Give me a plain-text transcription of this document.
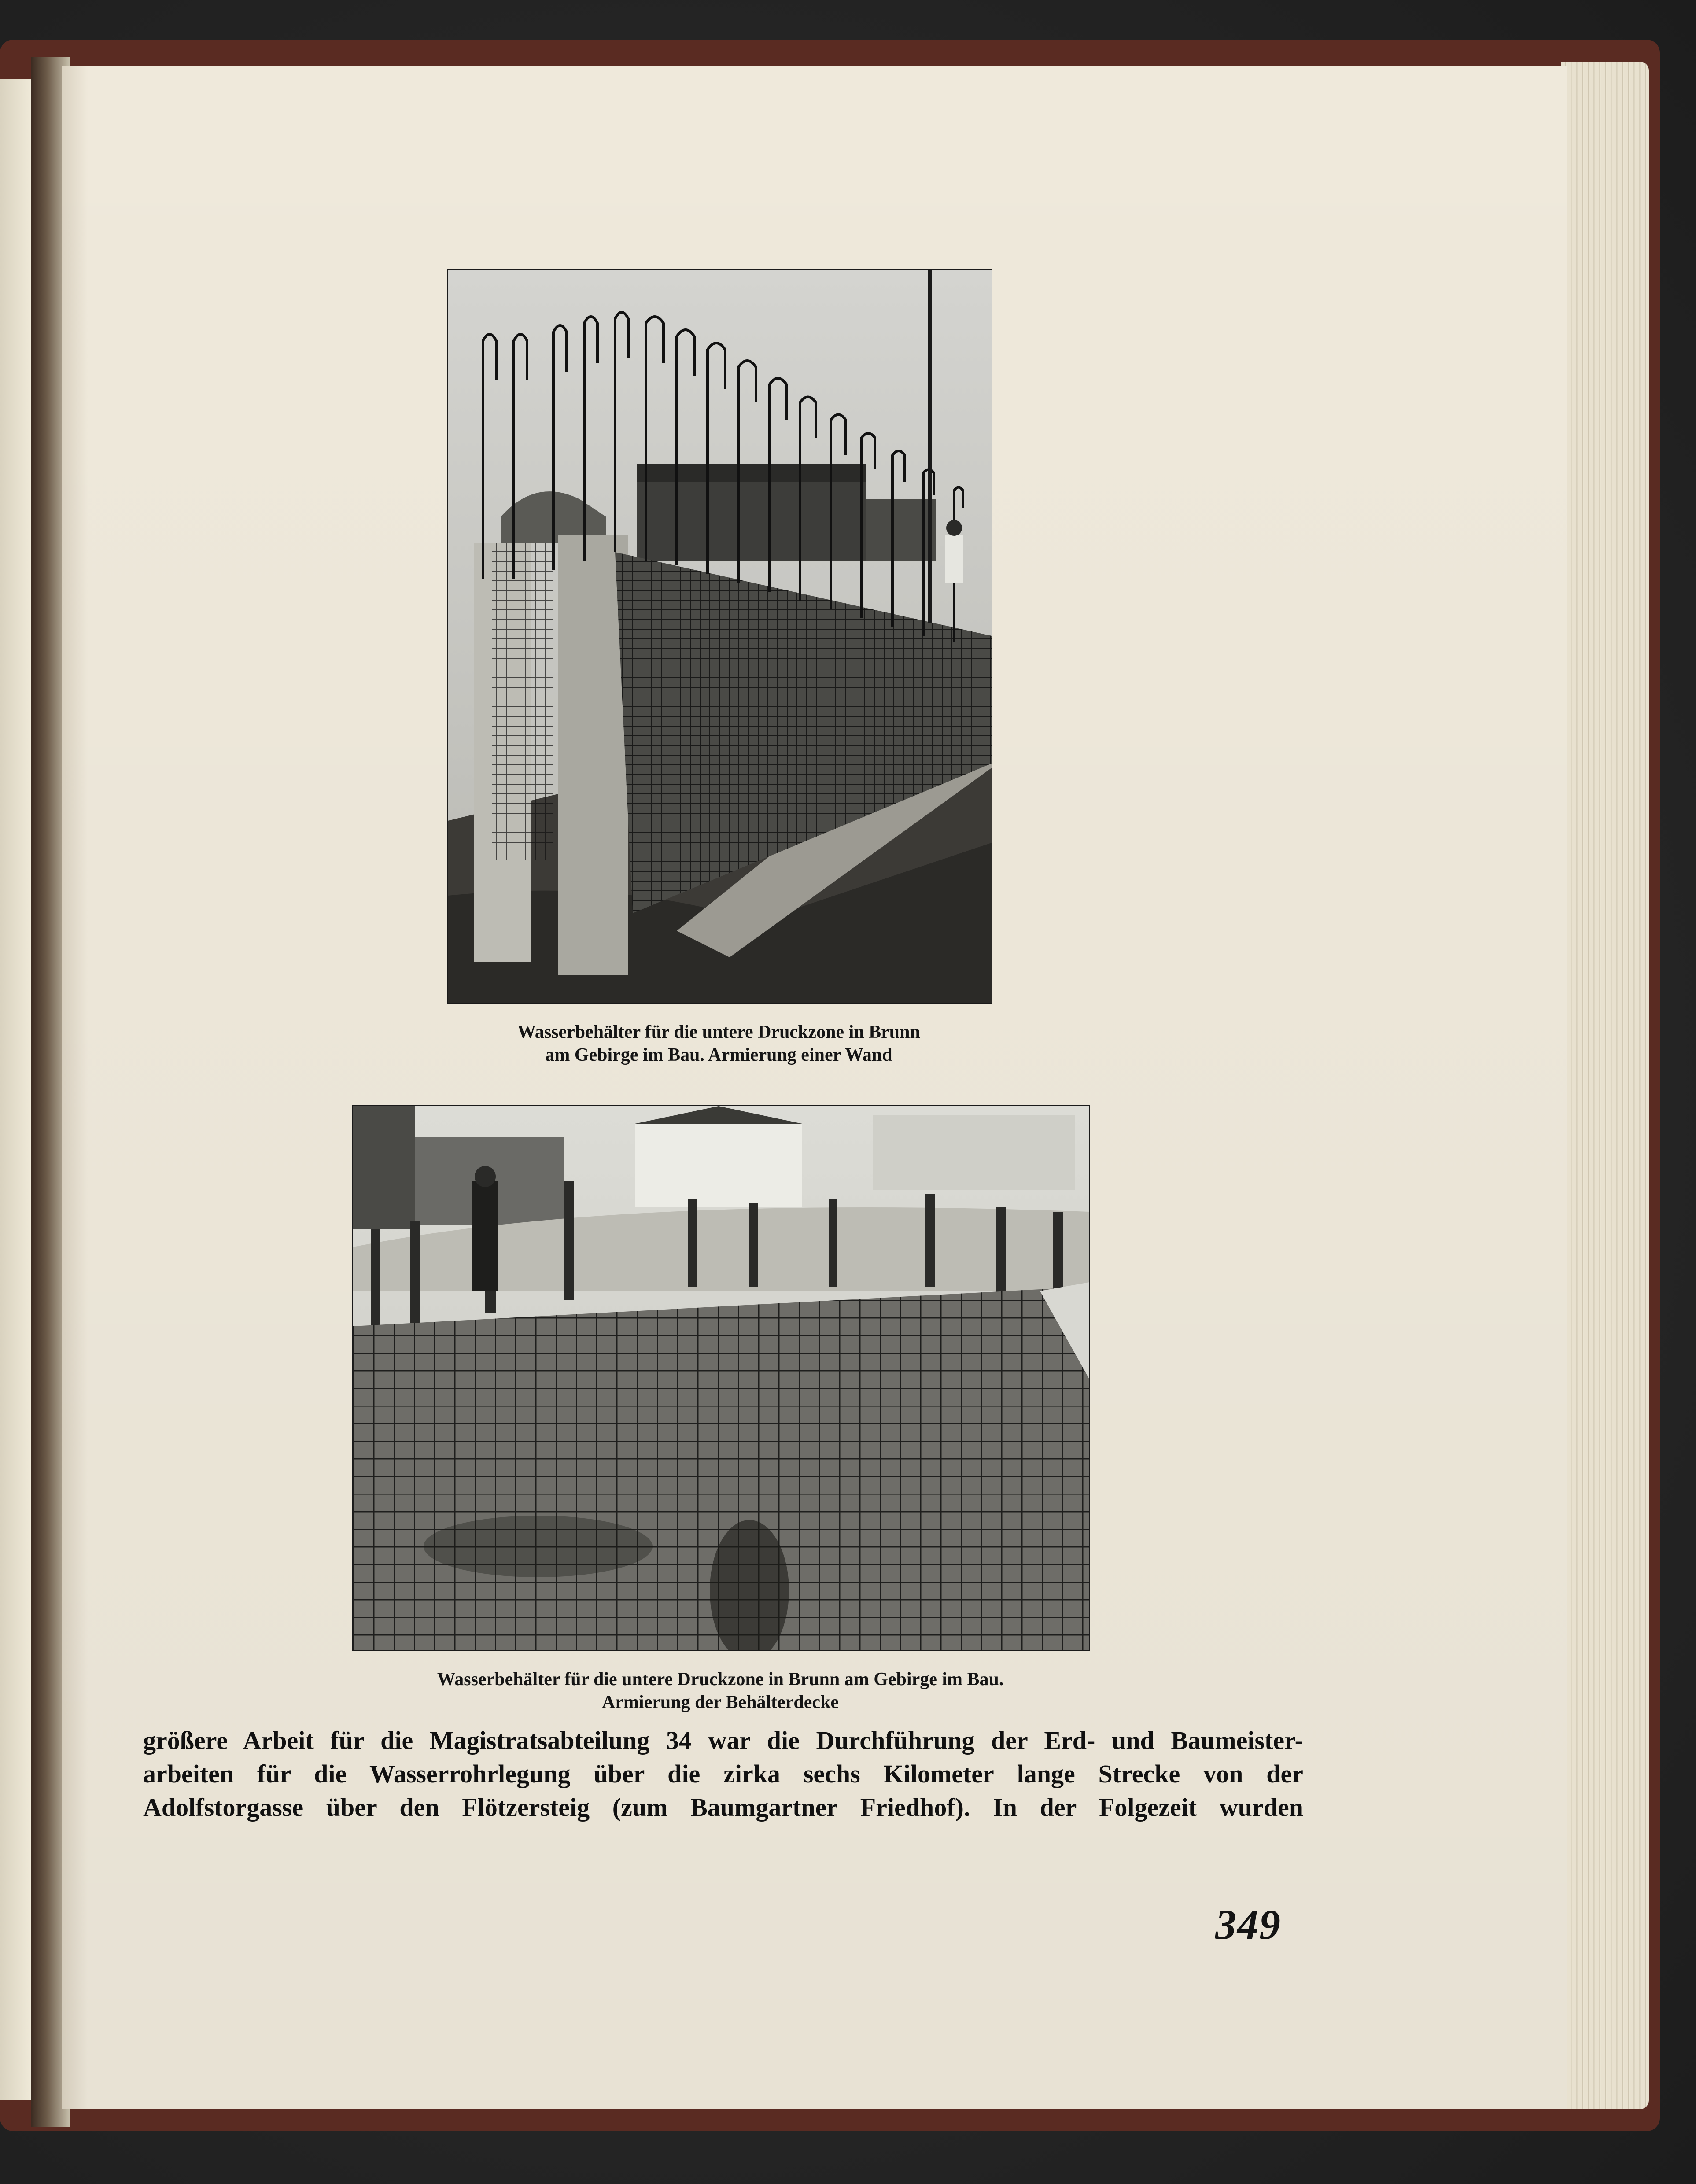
Wasserbehälter für die untere Druckzone in Brunn
am Gebirge im Bau. Armierung einer Wand
Wasserbehälter für die untere Druckzone in Brunn am Gebirge im Bau.
Armierung der Behälterdecke
größere Arbeit für die Magistratsabteilung 34 war die Durchführung der Erd- und Baumeister-
arbeiten für die Wasserrohrlegung über die zirka sechs Kilometer lange Strecke von der
Adolfstorgasse über den Flötzersteig (zum Baumgartner Friedhof). In der Folgezeit wurden
349
